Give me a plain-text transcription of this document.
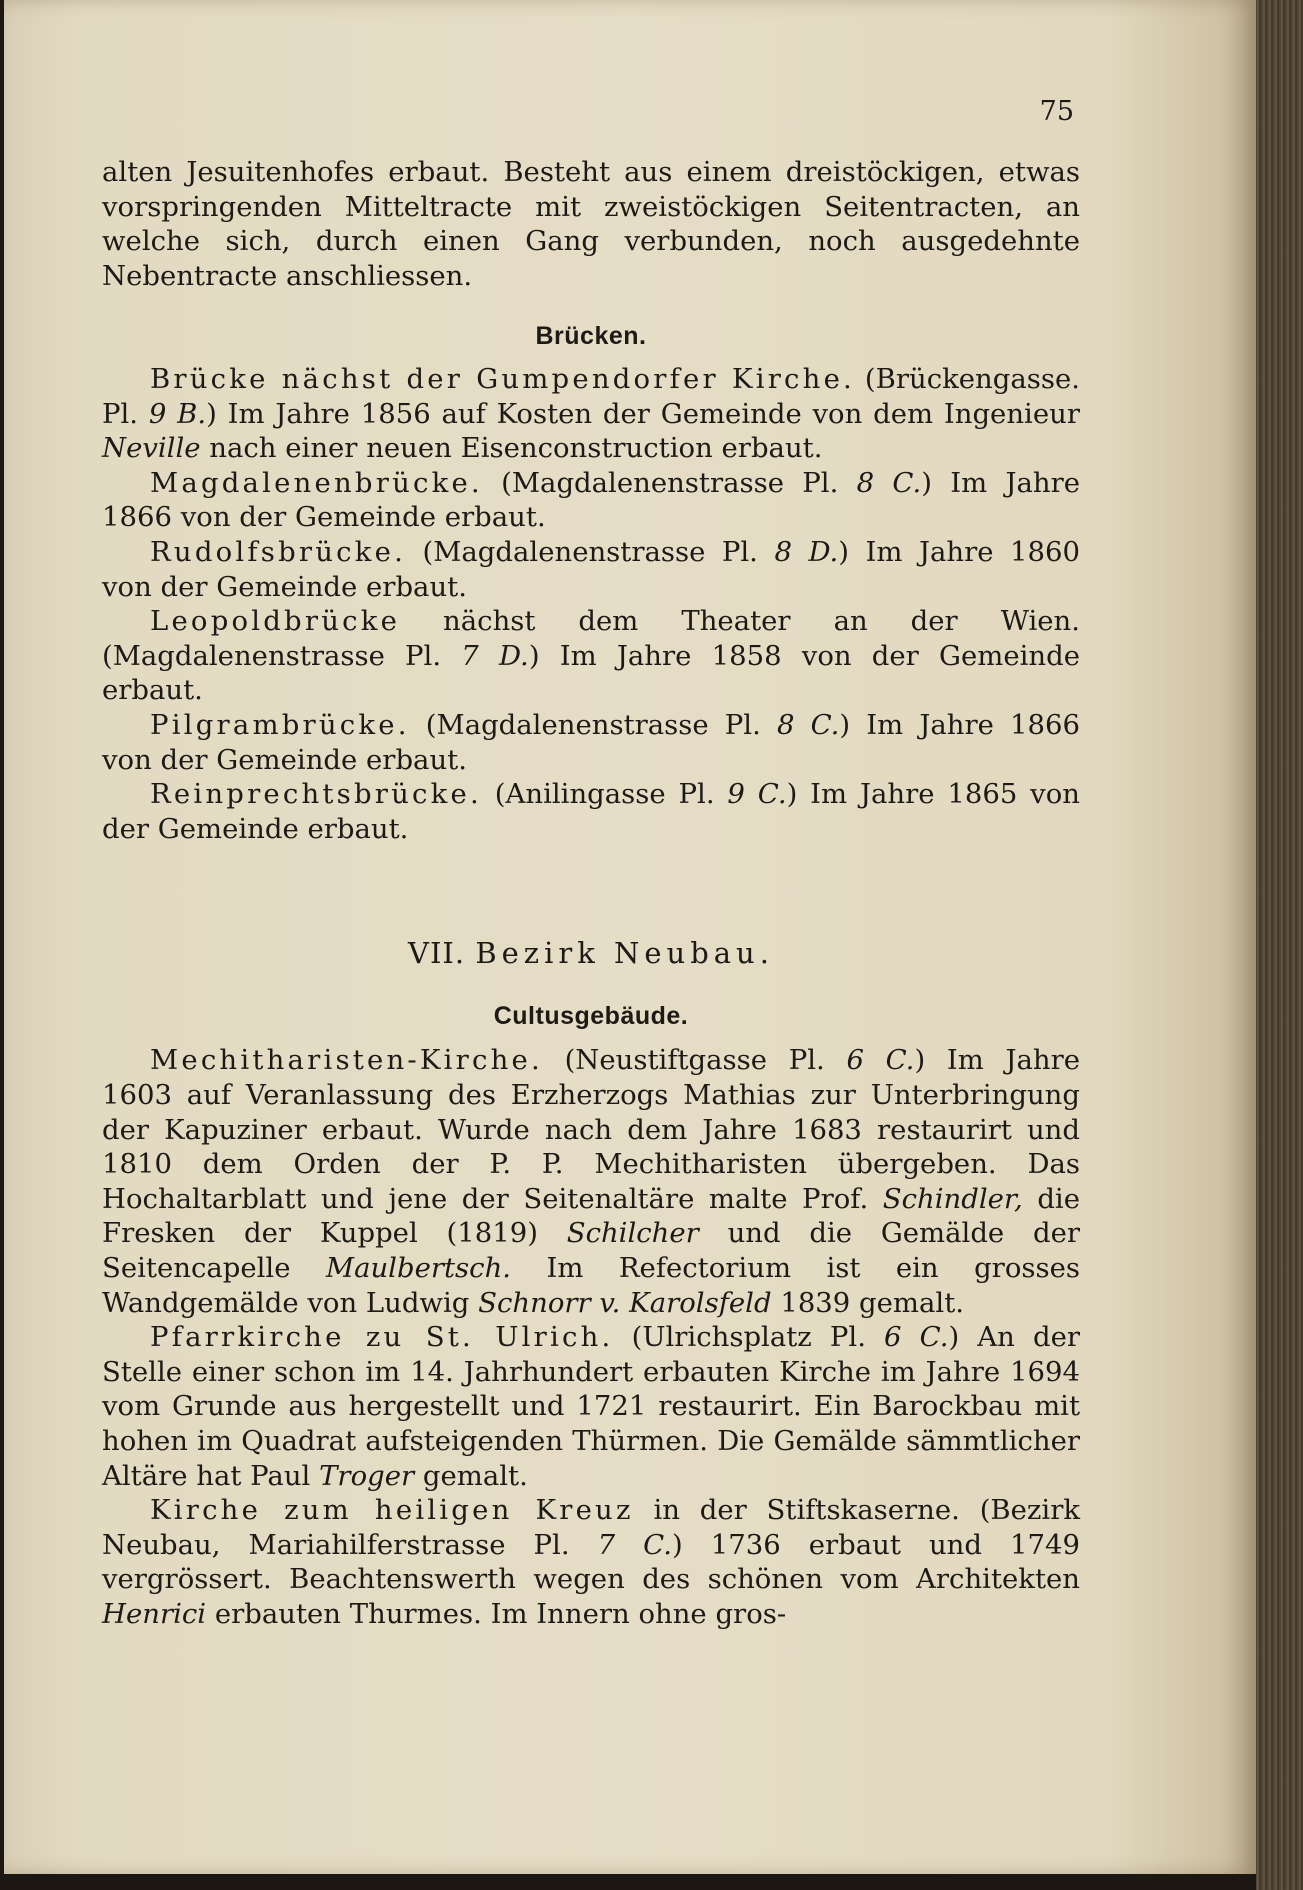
75

alten Jesuitenhofes erbaut. Besteht aus einem dreistöckigen, etwas vorspringenden Mitteltracte mit zweistöckigen Seitentracten, an welche sich, durch einen Gang verbunden, noch ausgedehnte Nebentracte anschliessen.

Brücken.

Brücke nächst der Gumpendorfer Kirche. (Brückengasse. Pl. 9 B.) Im Jahre 1856 auf Kosten der Gemeinde von dem Ingenieur Neville nach einer neuen Eisenconstruction erbaut.

Magdalenenbrücke. (Magdalenenstrasse Pl. 8 C.) Im Jahre 1866 von der Gemeinde erbaut.

Rudolfsbrücke. (Magdalenenstrasse Pl. 8 D.) Im Jahre 1860 von der Gemeinde erbaut.

Leopoldbrücke nächst dem Theater an der Wien. (Magdalenenstrasse Pl. 7 D.) Im Jahre 1858 von der Gemeinde erbaut.

Pilgrambrücke. (Magdalenenstrasse Pl. 8 C.) Im Jahre 1866 von der Gemeinde erbaut.

Reinprechtsbrücke. (Anilingasse Pl. 9 C.) Im Jahre 1865 von der Gemeinde erbaut.

VII. Bezirk Neubau.

Cultusgebäude.

Mechitharisten-Kirche. (Neustiftgasse Pl. 6 C.) Im Jahre 1603 auf Veranlassung des Erzherzogs Mathias zur Unterbringung der Kapuziner erbaut. Wurde nach dem Jahre 1683 restaurirt und 1810 dem Orden der P. P. Mechitharisten übergeben. Das Hochaltarblatt und jene der Seitenaltäre malte Prof. Schindler, die Fresken der Kuppel (1819) Schilcher und die Gemälde der Seitencapelle Maulbertsch. Im Refectorium ist ein grosses Wandgemälde von Ludwig Schnorr v. Karolsfeld 1839 gemalt.

Pfarrkirche zu St. Ulrich. (Ulrichsplatz Pl. 6 C.) An der Stelle einer schon im 14. Jahrhundert erbauten Kirche im Jahre 1694 vom Grunde aus hergestellt und 1721 restaurirt. Ein Barockbau mit hohen im Quadrat aufsteigenden Thürmen. Die Gemälde sämmtlicher Altäre hat Paul Troger gemalt.

Kirche zum heiligen Kreuz in der Stiftskaserne. (Bezirk Neubau, Mariahilferstrasse Pl. 7 C.) 1736 erbaut und 1749 vergrössert. Beachtenswerth wegen des schönen vom Architekten Henrici erbauten Thurmes. Im Innern ohne gros-
